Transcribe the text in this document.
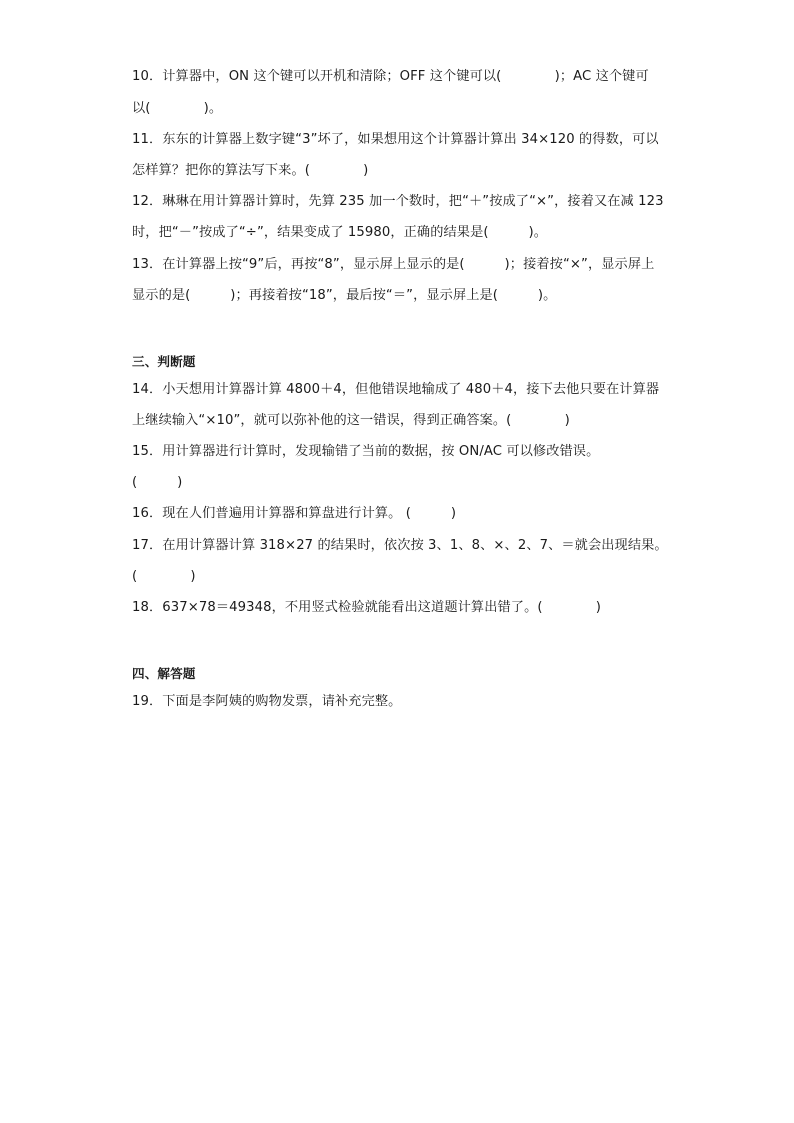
10．计算器中，ON 这个键可以开机和清除；OFF 这个键可以(　　　　)；AC 这个键可
以(　　　　)。
11．东东的计算器上数字键“3”坏了，如果想用这个计算器计算出 34×120 的得数，可以
怎样算？把你的算法写下来。(　　　　)
12．琳琳在用计算器计算时，先算 235 加一个数时，把“＋”按成了“×”，接着又在减 123
时，把“－”按成了“÷”，结果变成了 15980，正确的结果是(　　　)。
13．在计算器上按“9”后，再按“8”，显示屏上显示的是(　　　)；接着按“×”，显示屏上
显示的是(　　　)；再接着按“18”，最后按“＝”，显示屏上是(　　　)。
三、判断题
14．小天想用计算器计算 4800＋4，但他错误地输成了 480＋4，接下去他只要在计算器
上继续输入“×10”，就可以弥补他的这一错误，得到正确答案。(　　　　)
15．用计算器进行计算时，发现输错了当前的数据，按 ON/AC 可以修改错误。
(　　　)
16．现在人们普遍用计算器和算盘进行计算。 (　　　)
17．在用计算器计算 318×27 的结果时，依次按 3、1、8、×、2、7、＝就会出现结果。
(　　　　)
18．637×78＝49348，不用竖式检验就能看出这道题计算出错了。(　　　　)
四、解答题
19．下面是李阿姨的购物发票，请补充完整。
